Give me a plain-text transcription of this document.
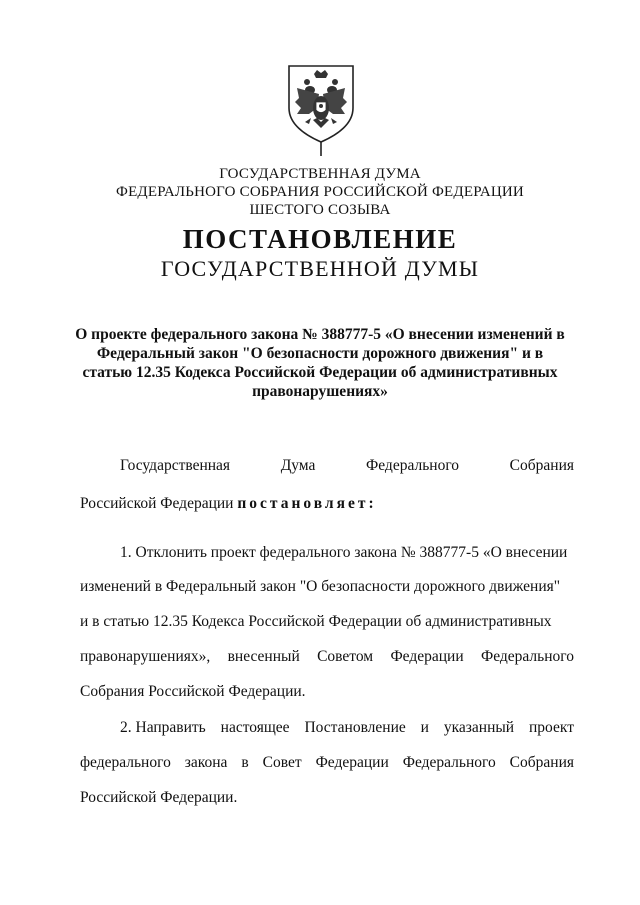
ГОСУДАРСТВЕННАЯ ДУМА
ФЕДЕРАЛЬНОГО СОБРАНИЯ РОССИЙСКОЙ ФЕДЕРАЦИИ
ШЕСТОГО СОЗЫВА
ПОСТАНОВЛЕНИЕ
ГОСУДАРСТВЕННОЙ ДУМЫ
О проекте федерального закона № 388777-5 «О внесении изменений в
Федеральный закон "О безопасности дорожного движения" и в
статью 12.35 Кодекса Российской Федерации об административных
правонарушениях»
Государственная	Дума	Федерального	Собрания
Российской Федерации постановляет:
1. Отклонить проект федерального закона № 388777-5 «О внесении
изменений в Федеральный закон "О безопасности дорожного движения"
и в статью 12.35 Кодекса Российской Федерации об административных
правонарушениях», внесенный Советом Федерации Федерального
Собрания Российской Федерации.
2. Направить настоящее Постановление и указанный проект
федерального закона в Совет Федерации Федерального Собрания
Российской Федерации.
